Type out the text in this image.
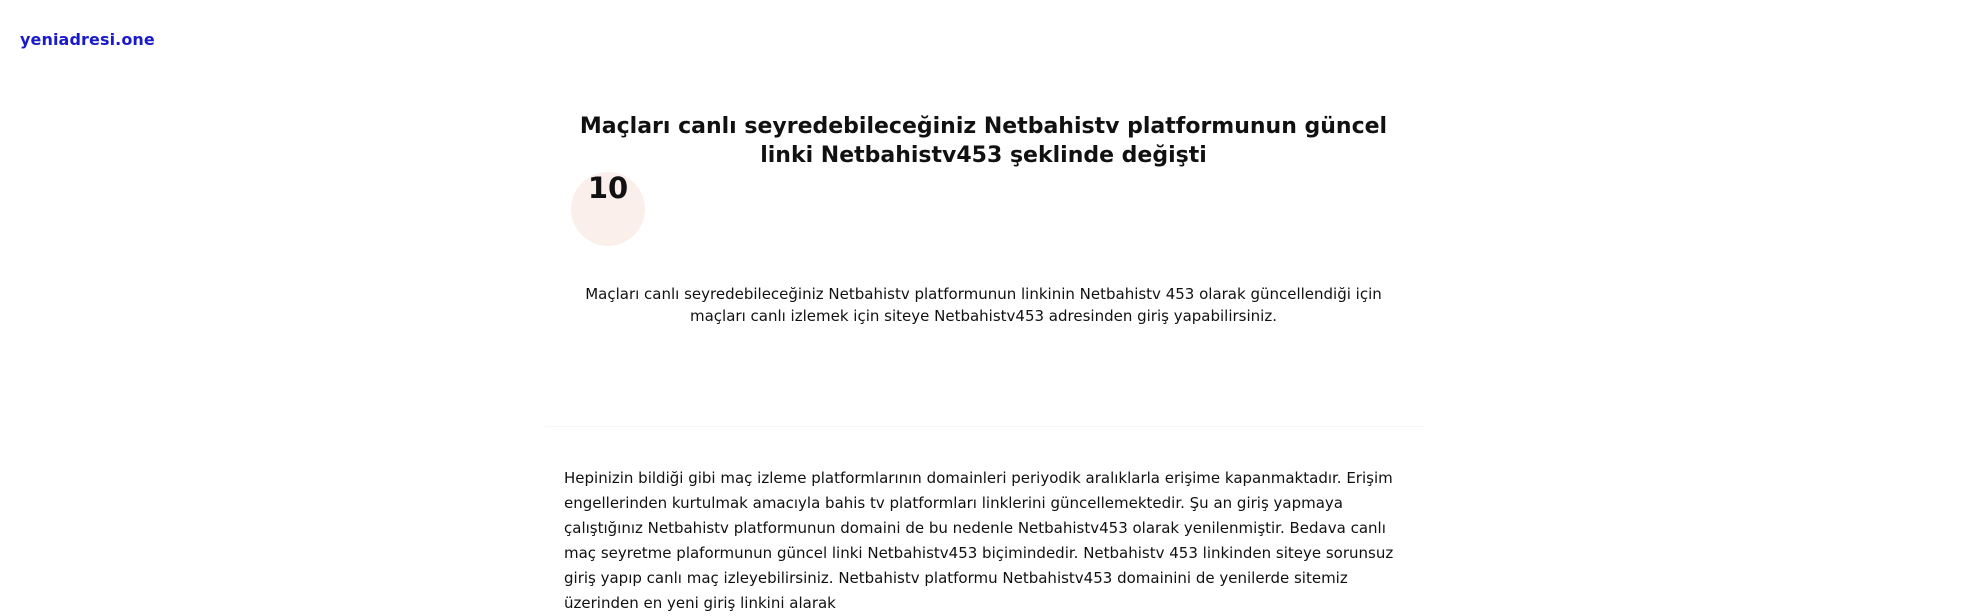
yeniadresi.one
Maçları canlı seyredebileceğiniz Netbahistv platformunun güncel linki Netbahistv453 şeklinde değişti
10

Maçları canlı seyredebileceğiniz Netbahistv platformunun linkinin Netbahistv 453 olarak güncellendiği için maçları canlı izlemek için siteye Netbahistv453 adresinden giriş yapabilirsiniz.

Hepinizin bildiği gibi maç izleme platformlarının domainleri periyodik aralıklarla erişime kapanmaktadır. Erişim engellerinden kurtulmak amacıyla bahis tv platformları linklerini güncellemektedir. Şu an giriş yapmaya çalıştığınız Netbahistv platformunun domaini de bu nedenle Netbahistv453 olarak yenilenmiştir. Bedava canlı maç seyretme plaformunun güncel linki Netbahistv453 biçimindedir. Netbahistv 453 linkinden siteye sorunsuz giriş yapıp canlı maç izleyebilirsiniz. Netbahistv platformu Netbahistv453 domainini de yenilerde sitemiz üzerinden en yeni giriş linkini alarak
